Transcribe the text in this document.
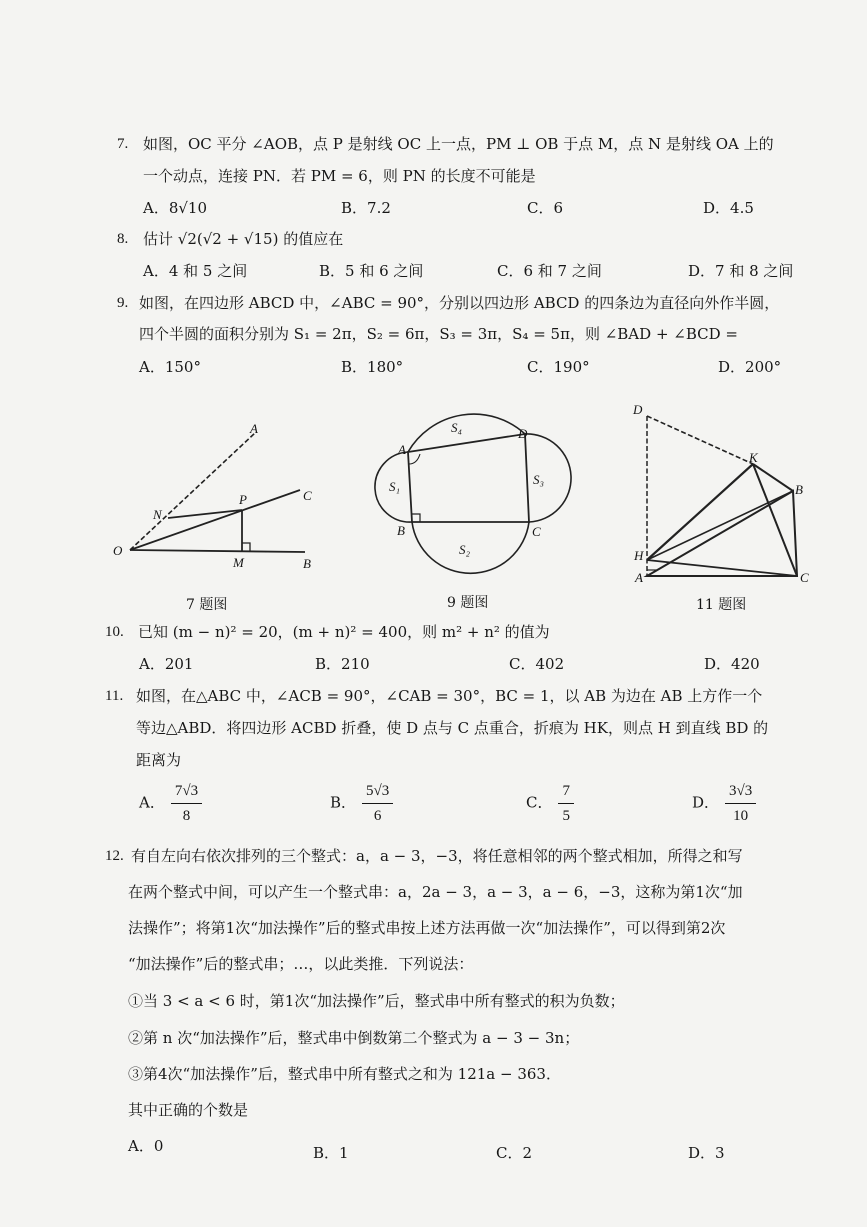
7. 如图，OC 平分 ∠AOB，点 P 是射线 OC 上一点，PM ⊥ OB 于点 M，点 N 是射线 OA 上的
一个动点，连接 PN．若 PM = 6，则 PN 的长度不可能是
A．8√10	B．7.2	C．6	D．4.5
8. 估计 √2(√2 + √15) 的值应在
A．4 和 5 之间	B．5 和 6 之间	C．6 和 7 之间	D．7 和 8 之间
9. 如图，在四边形 ABCD 中，∠ABC = 90°，分别以四边形 ABCD 的四条边为直径向外作半圆，
四个半圆的面积分别为 S₁ = 2π，S₂ = 6π，S₃ = 3π，S₄ = 5π，则 ∠BAD + ∠BCD =
A．150°	B．180°	C．190°	D．200°
O
A
C
B
N
P
M
7 题图
A
B	C
D
S₁
S₂
S₃
S₄
9 题图
D
K
B
H
A	C
11 题图
10. 已知 (m − n)² = 20，(m + n)² = 400，则 m² + n² 的值为
A．201	B．210	C．402	D．420
11. 如图，在△ABC 中，∠ACB = 90°，∠CAB = 30°，BC = 1，以 AB 为边在 AB 上方作一个
等边△ABD．将四边形 ACBD 折叠，使 D 点与 C 点重合，折痕为 HK，则点 H 到直线 BD 的
距离为
A． $\frac{7√3}{8}$	B． $\frac{5√3}{6}$	C． $\frac{7}{5}$	D． $\frac{3√3}{10}$
12. 有自左向右依次排列的三个整式：a，a − 3，−3，将任意相邻的两个整式相加，所得之和写
在两个整式中间，可以产生一个整式串：a，2a − 3，a − 3，a − 6，−3，这称为第1次“加
法操作”；将第1次“加法操作”后的整式串按上述方法再做一次“加法操作”，可以得到第2次
“加法操作”后的整式串；…，以此类推．下列说法：
①当 3 < a < 6 时，第1次“加法操作”后，整式串中所有整式的积为负数；
②第 n 次“加法操作”后，整式串中倒数第二个整式为 a − 3 − 3n；
③第4次“加法操作”后，整式串中所有整式之和为 121a − 363．
其中正确的个数是
A．0	B．1	C．2	D．3
